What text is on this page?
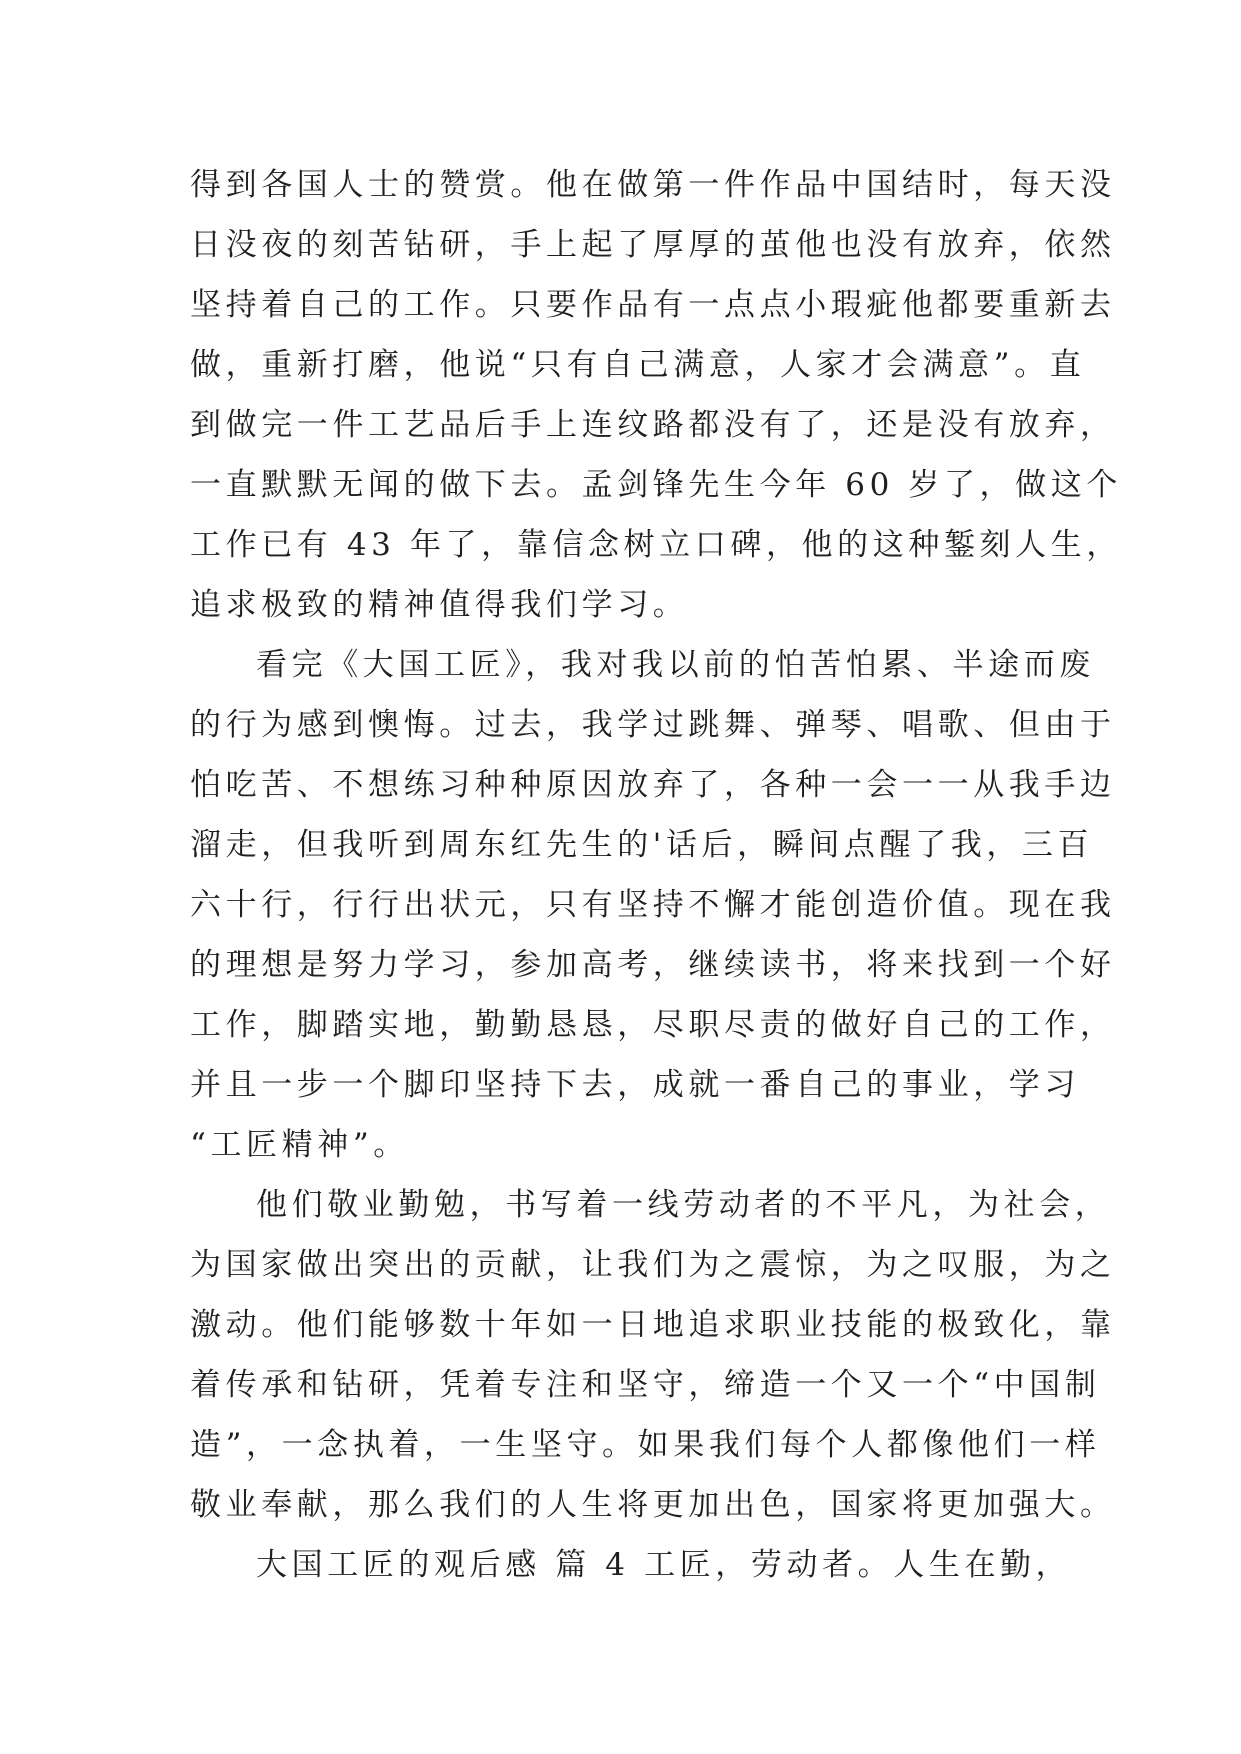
得到各国人士的赞赏。他在做第一件作品中国结时，每天没
日没夜的刻苦钻研，手上起了厚厚的茧他也没有放弃，依然
坚持着自己的工作。只要作品有一点点小瑕疵他都要重新去
做，重新打磨，他说“只有自己满意，人家才会满意”。直
到做完一件工艺品后手上连纹路都没有了，还是没有放弃，
一直默默无闻的做下去。孟剑锋先生今年 60 岁了，做这个
工作已有 43 年了，靠信念树立口碑，他的这种錾刻人生，
追求极致的精神值得我们学习。
看完《大国工匠》，我对我以前的怕苦怕累、半途而废
的行为感到懊悔。过去，我学过跳舞、弹琴、唱歌、但由于
怕吃苦、不想练习种种原因放弃了，各种一会一一从我手边
溜走，但我听到周东红先生的'话后，瞬间点醒了我，三百
六十行，行行出状元，只有坚持不懈才能创造价值。现在我
的理想是努力学习，参加高考，继续读书，将来找到一个好
工作，脚踏实地，勤勤恳恳，尽职尽责的做好自己的工作，
并且一步一个脚印坚持下去，成就一番自己的事业，学习
“工匠精神”。
他们敬业勤勉，书写着一线劳动者的不平凡，为社会，
为国家做出突出的贡献，让我们为之震惊，为之叹服，为之
激动。他们能够数十年如一日地追求职业技能的极致化，靠
着传承和钻研，凭着专注和坚守，缔造一个又一个“中国制
造”，一念执着，一生坚守。如果我们每个人都像他们一样
敬业奉献，那么我们的人生将更加出色，国家将更加强大。
大国工匠的观后感 篇 4 工匠，劳动者。人生在勤，
